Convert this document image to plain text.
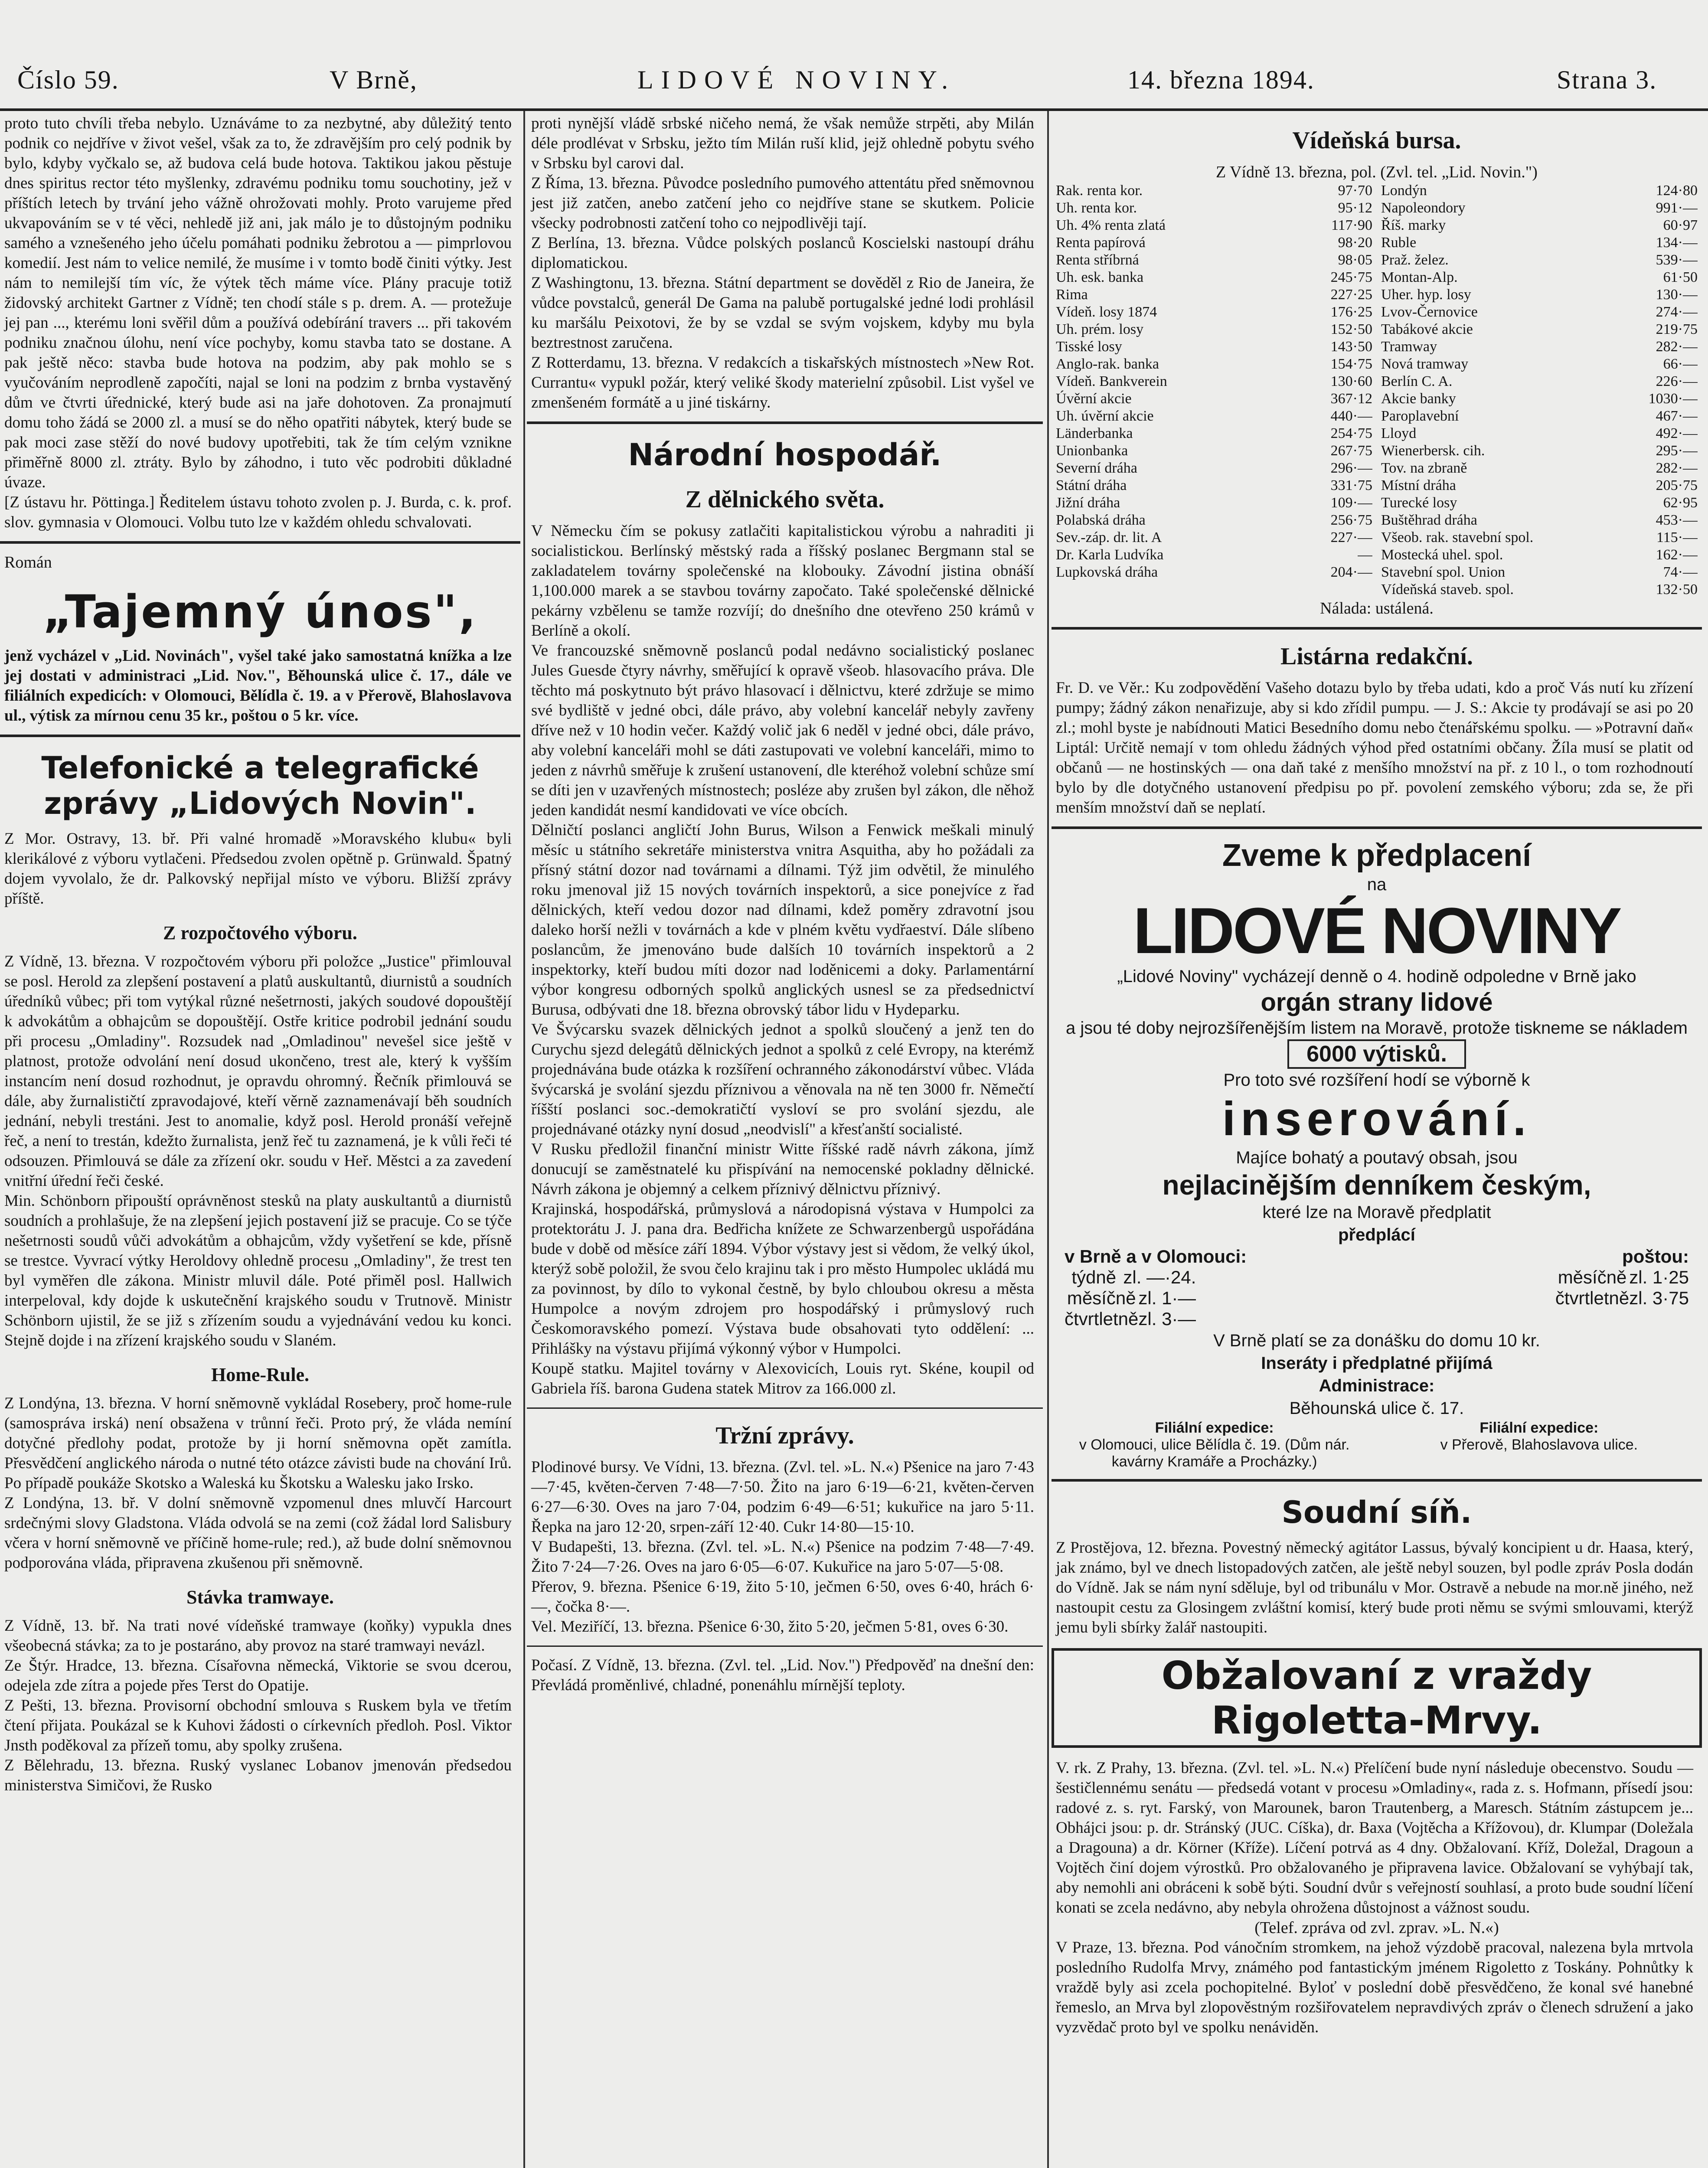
Číslo 59.	V Brně,	LIDOVÉ NOVINY.	14. března 1894.	Strana 3.

proto tuto chvíli třeba nebylo. Uznáváme to za nezbytné, aby důležitý tento podnik co nejdříve v život vešel, však za to, že zdravějším pro celý podnik by bylo, kdyby vyčkalo se, až budova celá bude hotova. Taktikou jakou pěstuje dnes spiritus rector této myšlenky, zdravému podniku tomu souchotiny, jež v příštích letech by trvání jeho vážně ohrožovati mohly. Proto varujeme před ukvapováním se v té věci, nehledě již ani, jak málo je to důstojným podniku samého a vznešeného jeho účelu pomáhati podniku žebrotou a — pimprlovou komedií. Jest nám to velice nemilé, že musíme i v tomto bodě činiti výtky. Jest nám to nemilejší tím víc, že výtek těch máme více. Plány pracuje totiž židovský architekt Gartner z Vídně; ten chodí stále s p. drem. A. — protežuje jej pan ..., kterému loni svěřil dům a používá odebírání travers ... při takovém podniku značnou úlohu, není více pochyby, komu stavba tato se dostane. A pak ještě něco: stavba bude hotova na podzim, aby pak mohlo se s vyučováním neprodleně započíti, najal se loni na podzim z brnba vystavěný dům ve čtvrti úřednické, který bude asi na jaře dohotoven. Za pronajmutí domu toho žádá se 2000 zl. a musí se do něho opatřiti nábytek, který bude se pak moci zase stěží do nové budovy upotřebiti, tak že tím celým vznikne přiměřně 8000 zl. ztráty. Bylo by záhodno, i tuto věc podrobiti důkladné úvaze.

[Z ústavu hr. Pöttinga.] Ředitelem ústavu tohoto zvolen p. J. Burda, c. k. prof. slov. gymnasia v Olomouci. Volbu tuto lze v každém ohledu schvalovati.

Román

„Tajemný únos",

jenž vycházel v „Lid. Novinách", vyšel také jako samostatná knížka a lze jej dostati v administraci „Lid. Nov.", Běhounská ulice č. 17., dále ve filiálních expedicích: v Olomouci, Bělídla č. 19. a v Přerově, Blahoslavova ul., výtisk za mírnou cenu 35 kr., poštou o 5 kr. více.

Telefonické a telegrafické zprávy „Lidových Novin".

Z Mor. Ostravy, 13. bř. Při valné hromadě »Moravského klubu« byli klerikálové z výboru vytlačeni. Předsedou zvolen opětně p. Grünwald. Špatný dojem vyvolalo, že dr. Palkovský nepřijal místo ve výboru. Bližší zprávy příště.

Z rozpočtového výboru.

Z Vídně, 13. března. V rozpočtovém výboru při položce „Justice" přimlouval se posl. Herold za zlepšení postavení a platů auskultantů, diurnistů a soudních úředníků vůbec; při tom vytýkal různé nešetrnosti, jakých soudové dopouštějí k advokátům a obhajcům se dopouštějí. Ostře kritice podrobil jednání soudu při procesu „Omladiny". Rozsudek nad „Omladinou" nevešel sice ještě v platnost, protože odvolání není dosud ukončeno, trest ale, který k vyšším instancím není dosud rozhodnut, je opravdu ohromný. Řečník přimlouvá se dále, aby žurnalističtí zpravodajové, kteří věrně zaznamenávají běh soudních jednání, nebyli trestáni. Jest to anomalie, když posl. Herold pronáší veřejně řeč, a není to trestán, kdežto žurnalista, jenž řeč tu zaznamená, je k vůli řeči té odsouzen. Přimlouvá se dále za zřízení okr. soudu v Heř. Městci a za zavedení vnitřní úřední řeči české.

Min. Schönborn připouští oprávněnost stesků na platy auskultantů a diurnistů soudních a prohlašuje, že na zlepšení jejich postavení již se pracuje. Co se týče nešetrnosti soudů vůči advokátům a obhajcům, vždy vyšetření se kde, přísně se trestce. Vyvrací výtky Heroldovy ohledně procesu „Omladiny", že trest ten byl vyměřen dle zákona. Ministr mluvil dále. Poté přiměl posl. Hallwich interpeloval, kdy dojde k uskutečnění krajského soudu v Trutnově. Ministr Schönborn ujistil, že se již s zřízením soudu a vyjednávání vedou ku konci. Stejně dojde i na zřízení krajského soudu v Slaném.

Home-Rule.

Z Londýna, 13. března. V horní sněmovně vykládal Rosebery, proč home-rule (samospráva irská) není obsažena v trůnní řeči. Proto prý, že vláda nemíní dotyčné předlohy podat, protože by ji horní sněmovna opět zamítla. Přesvědčení anglického národa o nutné této otázce závisti bude na chování Irů. Po případě poukáže Skotsko a Waleská ku Škotsku a Walesku jako Irsko.

Z Londýna, 13. bř. V dolní sněmovně vzpomenul dnes mluvčí Harcourt srdečnými slovy Gladstona. Vláda odvolá se na zemi (což žádal lord Salisbury včera v horní sněmovně ve příčině home-rule; red.), až bude dolní sněmovnou podporována vláda, připravena zkušenou při sněmovně.

Stávka tramwaye.

Z Vídně, 13. bř. Na trati nové vídeňské tramwaye (koňky) vypukla dnes všeobecná stávka; za to je postaráno, aby provoz na staré tramwayi nevázl.

Ze Štýr. Hradce, 13. března. Císařovna německá, Viktorie se svou dcerou, odejela zde zítra a pojede přes Terst do Opatije.

Z Pešti, 13. března. Provisorní obchodní smlouva s Ruskem byla ve třetím čtení přijata. Poukázal se k Kuhovi žádosti o církevních předloh. Posl. Viktor Jnsth poděkoval za přízeň tomu, aby spolky zrušena.

Z Bělehradu, 13. března. Ruský vyslanec Lobanov jmenován předsedou ministerstva Simičovi, že Rusko

proti nynější vládě srbské ničeho nemá, že však nemůže strpěti, aby Milán déle prodlévat v Srbsku, ježto tím Milán ruší klid, jejž ohledně pobytu svého v Srbsku byl carovi dal.

Z Říma, 13. března. Původce posledního pumového attentátu před sněmovnou jest již zatčen, anebo zatčení jeho co nejdříve stane se skutkem. Policie všecky podrobnosti zatčení toho co nejpodlivěji tají.

Z Berlína, 13. března. Vůdce polských poslanců Koscielski nastoupí dráhu diplomatickou.

Z Washingtonu, 13. března. Státní department se dověděl z Rio de Janeira, že vůdce povstalců, generál De Gama na palubě portugalské jedné lodi prohlásil ku maršálu Peixotovi, že by se vzdal se svým vojskem, kdyby mu byla beztrestnost zaručena.

Z Rotterdamu, 13. března. V redakcích a tiskařských místnostech »New Rot. Currantu« vypukl požár, který veliké škody materielní způsobil. List vyšel ve zmenšeném formátě a u jiné tiskárny.

Národní hospodář.
Z dělnického světa.

V Německu čím se pokusy zatlačiti kapitalistickou výrobu a nahraditi ji socialistickou. Berlínský městský rada a říšský poslanec Bergmann stal se zakladatelem továrny společenské na klobouky. Závodní jistina obnáší 1,100.000 marek a se stavbou továrny započato. Také společenské dělnické pekárny vzbělenu se tamže rozvíjí; do dnešního dne otevřeno 250 krámů v Berlíně a okolí.

Ve francouzské sněmovně poslanců podal nedávno socialistický poslanec Jules Guesde čtyry návrhy, směřující k opravě všeob. hlasovacího práva. Dle těchto má poskytnuto být právo hlasovací i dělnictvu, které zdržuje se mimo své bydliště v jedné obci, dále právo, aby volební kancelář nebyly zavřeny dříve než v 10 hodin večer. Každý volič jak 6 neděl v jedné obci, dále právo, aby volební kanceláři mohl se dáti zastupovati ve volební kanceláři, mimo to jeden z návrhů směřuje k zrušení ustanovení, dle kteréhož volební schůze smí se díti jen v uzavřených místnostech; posléze aby zrušen byl zákon, dle něhož jeden kandidát nesmí kandidovati ve více obcích.

Dělničtí poslanci angličtí John Burus, Wilson a Fenwick meškali minulý měsíc u státního sekretáře ministerstva vnitra Asquitha, aby ho požádali za přísný státní dozor nad továrnami a dílnami. Týž jim odvětil, že minulého roku jmenoval již 15 nových továrních inspektorů, a sice ponejvíce z řad dělnických, kteří vedou dozor nad dílnami, kdež poměry zdravotní jsou daleko horší nežli v továrnách a kde v plném květu vydřaeství. Dále slíbeno poslancům, že jmenováno bude dalších 10 továrních inspektorů a 2 inspektorky, kteří budou míti dozor nad loděnicemi a doky. Parlamentární výbor kongresu odborných spolků anglických usnesl se za předsednictví Burusa, odbývati dne 18. března obrovský tábor lidu v Hydeparku.

Ve Švýcarsku svazek dělnických jednot a spolků sloučený a jenž ten do Curychu sjezd delegátů dělnických jednot a spolků z celé Evropy, na kterémž projednávána bude otázka k rozšíření ochranného zákonodárství vůbec. Vláda švýcarská je svolání sjezdu příznivou a věnovala na ně ten 3000 fr. Němečtí říšští poslanci soc.-demokratičtí vysloví se pro svolání sjezdu, ale projednávané otázky nyní dosud „neodvislí" a křesťanští socialisté.

V Rusku předložil finanční ministr Witte říšské radě návrh zákona, jímž donucují se zaměstnatelé ku přispívání na nemocenské pokladny dělnické. Návrh zákona je objemný a celkem příznivý dělnictvu příznivý.

Krajinská, hospodářská, průmyslová a národopisná výstava v Humpolci za protektorátu J. J. pana dra. Bedřicha knížete ze Schwarzenbergů uspořádána bude v době od měsíce září 1894. Výbor výstavy jest si vědom, že velký úkol, kterýž sobě položil, že svou čelo krajinu tak i pro město Humpolec ukládá mu za povinnost, by dílo to vykonal čestně, by bylo chloubou okresu a města Humpolce a novým zdrojem pro hospodářský i průmyslový ruch Českomoravského pomezí. Výstava bude obsahovati tyto oddělení: ... Přihlášky na výstavu přijímá výkonný výbor v Humpolci.

Koupě statku. Majitel továrny v Alexovicích, Louis ryt. Skéne, koupil od Gabriela říš. barona Gudena statek Mitrov za 166.000 zl.

Tržní zprávy.

Plodinové bursy. Ve Vídni, 13. března. (Zvl. tel. »L. N.«) Pšenice na jaro 7·43—7·45, květen-červen 7·48—7·50. Žito na jaro 6·19—6·21, květen-červen 6·27—6·30. Oves na jaro 7·04, podzim 6·49—6·51; kukuřice na jaro 5·11. Řepka na jaro 12·20, srpen-září 12·40. Cukr 14·80—15·10.

V Budapešti, 13. března. (Zvl. tel. »L. N.«) Pšenice na podzim 7·48—7·49. Žito 7·24—7·26. Oves na jaro 6·05—6·07. Kukuřice na jaro 5·07—5·08.

Přerov, 9. března. Pšenice 6·19, žito 5·10, ječmen 6·50, oves 6·40, hrách 6·—, čočka 8·—.

Vel. Meziříčí, 13. března. Pšenice 6·30, žito 5·20, ječmen 5·81, oves 6·30.

Počasí. Z Vídně, 13. března. (Zvl. tel. „Lid. Nov.") Předpověď na dnešní den: Převládá proměnlivé, chladné, ponenáhlu mírnější teploty.

Vídeňská bursa.
Z Vídně 13. března, pol. (Zvl. tel. „Lid. Novin.")
Rak. renta kor.	97·70
Uh. renta kor.	95·12
Uh. 4% renta zlatá	117·90
Renta papírová	98·20
Renta stříbrná	98·05
Uh. esk. banka	245·75
Rima	227·25
Vídeň. losy 1874	176·25
Uh. prém. losy	152·50
Tisské losy	143·50
Anglo-rak. banka	154·75
Vídeň. Bankverein	130·60
Úvěrní akcie	367·12
Uh. úvěrní akcie	440·—
Länderbanka	254·75
Unionbanka	267·75
Severní dráha	296·—
Státní dráha	331·75
Jižní dráha	109·—
Polabská dráha	256·75
Sev.-záp. dr. lit. A	227·—
Dr. Karla Ludvíka	—
Lupkovská dráha	204·—
Londýn	124·80
Napoleondory	991·—
Říš. marky	60·97
Ruble	134·—
Praž. želez.	539·—
Montan-Alp.	61·50
Uher. hyp. losy	130·—
Lvov-Černovice	274·—
Tabákové akcie	219·75
Tramway	282·—
Nová tramway	66·—
Berlín C. A.	226·—
Akcie banky	1030·—
Paroplavební	467·—
Lloyd	492·—
Wienerbersk. cih.	295·—
Tov. na zbraně	282·—
Místní dráha	205·75
Turecké losy	62·95
Buštěhrad dráha	453·—
Všeob. rak. stavební spol.	115·—
Mostecká uhel. spol.	162·—
Stavební spol. Union	74·—
Vídeňská staveb. spol.	132·50
Nálada: ustálená.
Listárna redakční.

Fr. D. ve Věr.: Ku zodpovědění Vašeho dotazu bylo by třeba udati, kdo a proč Vás nutí ku zřízení pumpy; žádný zákon nenařizuje, aby si kdo zřídil pumpu. — J. S.: Akcie ty prodávají se asi po 20 zl.; mohl byste je nabídnouti Matici Besedního domu nebo čtenářskému spolku. — »Potravní daň« Liptál: Určitě nemají v tom ohledu žádných výhod před ostatními občany. Žíla musí se platit od občanů — ne hostinských — ona daň také z menšího množství na př. z 10 l., o tom rozhodnoutí bylo by dle dotyčného ustanovení předpisu po př. povolení zemského výboru; zda se, že při menším množství daň se neplatí.

Zveme k předplacení
na
LIDOVÉ NOVINY
„Lidové Noviny" vycházejí denně o 4. hodině odpoledne v Brně jako
orgán strany lidové
a jsou té doby nejrozšířenějším listem na Moravě, protože tiskneme se nákladem
6000 výtisků.
Pro toto své rozšíření hodí se výborně k
inserování.
Majíce bohatý a poutavý obsah, jsou
nejlacinějším denníkem českým,
které lze na Moravě předplatit
předplácí
v Brně a v Olomouci:	poštou:
týdně zl. —·24.
měsíčně zl. 1·—
čtvrtletně zl. 3·—
měsíčně zl. 1·25
čtvrtletně zl. 3·75
V Brně platí se za donášku do domu 10 kr.
Inseráty i předplatné přijímá
Administrace:
Běhounská ulice č. 17.
Filiální expedice:
v Olomouci, ulice Bělídla č. 19. (Dům nár. kavárny Kramáře a Procházky.)
Filiální expedice:
v Přerově, Blahoslavova ulice.
Soudní síň.

Z Prostějova, 12. března. Povestný německý agitátor Lassus, bývalý koncipient u dr. Haasa, který, jak známo, byl ve dnech listopadových zatčen, ale ještě nebyl souzen, byl podle zpráv Posla dodán do Vídně. Jak se nám nyní sděluje, byl od tribunálu v Mor. Ostravě a nebude na mor.ně jiného, než nastoupit cestu za Glosingem zvláštní komisí, který bude proti němu se svými smlouvami, kterýž jemu byli sbírky žalář nastoupiti.

Obžalovaní z vraždy Rigoletta-Mrvy.

V. rk. Z Prahy, 13. března. (Zvl. tel. »L. N.«) Přelíčení bude nyní následuje obecenstvo. Soudu — šestičlennému senátu — předsedá votant v procesu »Omladiny«, rada z. s. Hofmann, přísedí jsou: radové z. s. ryt. Farský, von Marounek, baron Trautenberg, a Maresch. Státním zástupcem je... Obhájci jsou: p. dr. Stránský (JUC. Cíška), dr. Baxa (Vojtěcha a Křížovou), dr. Klumpar (Doležala a Dragouna) a dr. Körner (Kříže). Líčení potrvá as 4 dny. Obžalovaní. Kříž, Doležal, Dragoun a Vojtěch činí dojem výrostků. Pro obžalovaného je připravena lavice. Obžalovaní se vyhýbají tak, aby nemohli ani obráceni k sobě býti. Soudní dvůr s veřejností souhlasí, a proto bude soudní líčení konati se zcela nedávno, aby nebyla ohrožena důstojnost a vážnost soudu.

(Telef. zpráva od zvl. zprav. »L. N.«)

V Praze, 13. března. Pod vánočním stromkem, na jehož výzdobě pracoval, nalezena byla mrtvola posledního Rudolfa Mrvy, známého pod fantastickým jménem Rigoletto z Toskány. Pohnůtky k vraždě byly asi zcela pochopitelné. Byloť v poslední době přesvědčeno, že konal své hanebné řemeslo, an Mrva byl zlopověstným rozšiřovatelem nepravdivých zpráv o členech sdružení a jako vyzvědač proto byl ve spolku nenáviděn.
